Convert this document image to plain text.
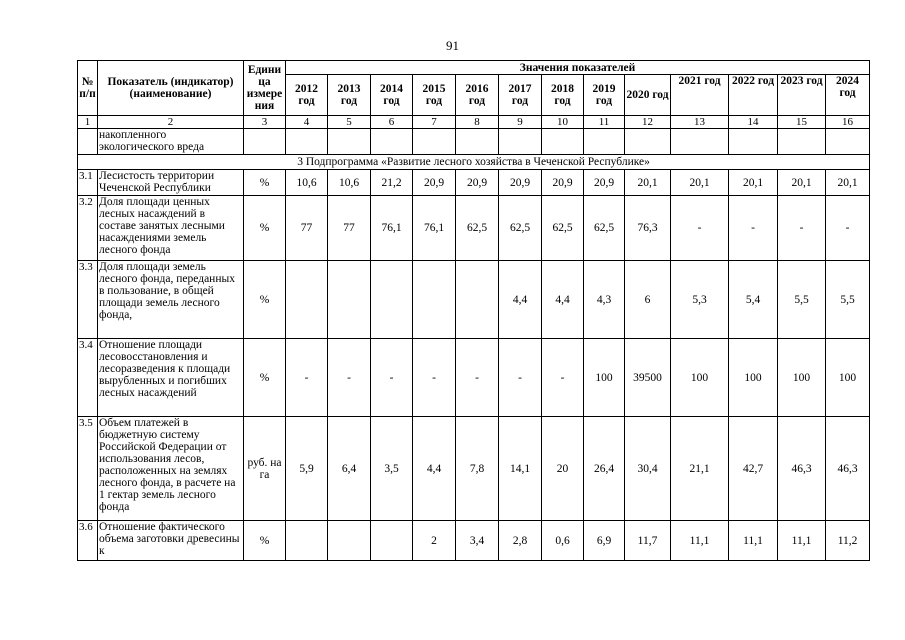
91
№ п/п	Показатель (индикатор) (наименование)	Едини ца измере ния	Значения показателей												
			2012 год	2013 год	2014 год	2015 год	2016 год	2017 год	2018 год	2019 год	2020 год	2021 год	2022 год	2023 год	2024 год
1	2	3	4	5	6	7	8	9	10	11	12	13	14	15	16
	накопленного экологического вреда														
3 Подпрограмма «Развитие лесного хозяйства в Чеченской Республике»															
3.1	Лесистость территории Чеченской Республики	%	10,6	10,6	21,2	20,9	20,9	20,9	20,9	20,9	20,1	20,1	20,1	20,1	20,1
3.2	Доля площади ценных лесных насаждений в составе занятых лесными насаждениями земель лесного фонда	%	77	77	76,1	76,1	62,5	62,5	62,5	62,5	76,3	-	-	-	-
3.3	Доля площади земель лесного фонда, переданных в пользование, в общей площади земель лесного фонда,	%						4,4	4,4	4,3	6	5,3	5,4	5,5	5,5
3.4	Отношение площади лесовосстановления и лесоразведения к площади вырубленных и погибших лесных насаждений	%	-	-	-	-	-	-	-	100	39500	100	100	100	100
3.5	Объем платежей в бюджетную систему Российской Федерации от использования лесов, расположенных на землях лесного фонда, в расчете на 1 гектар земель лесного фонда	руб. на га	5,9	6,4	3,5	4,4	7,8	14,1	20	26,4	30,4	21,1	42,7	46,3	46,3
3.6	Отношение фактического объема заготовки древесины к	%				2	3,4	2,8	0,6	6,9	11,7	11,1	11,1	11,1	11,2
